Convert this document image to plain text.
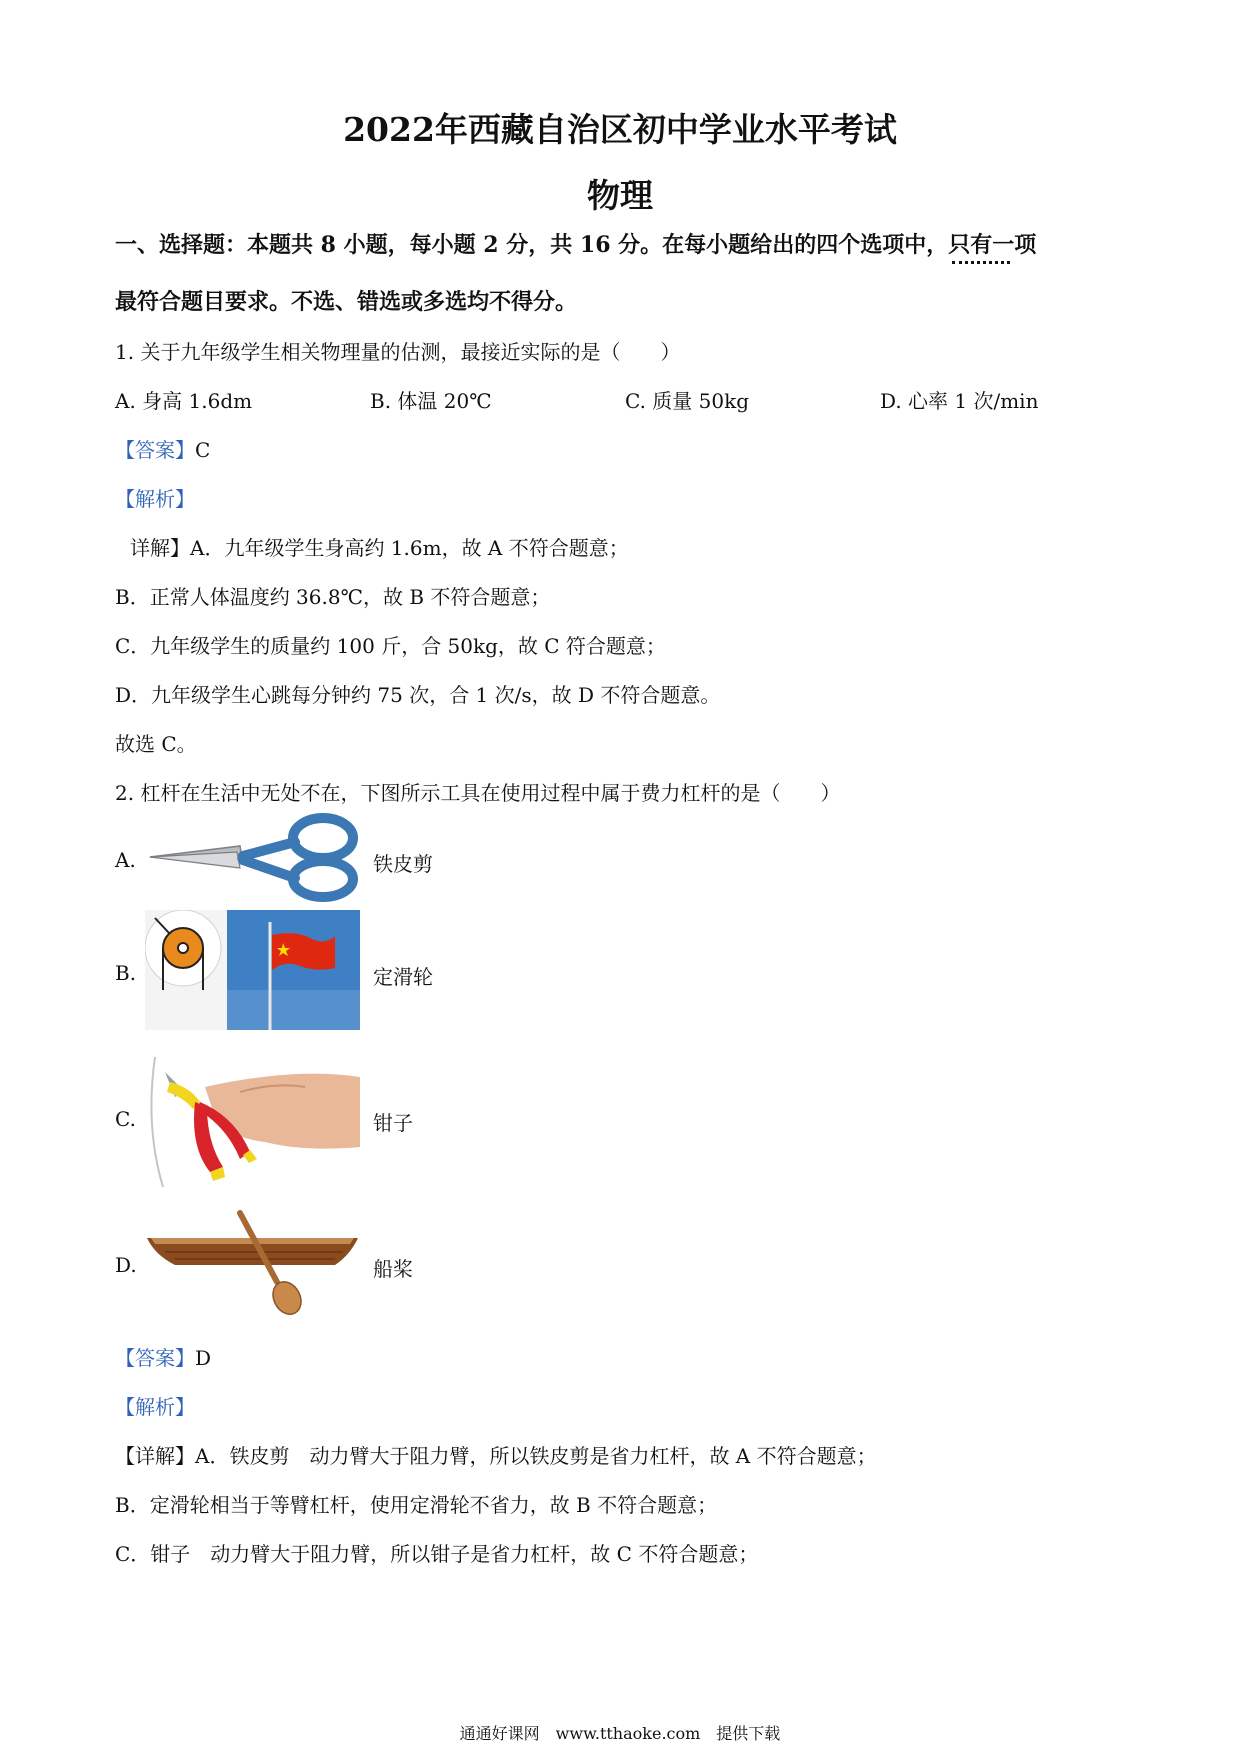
2022年西藏自治区初中学业水平考试
物理
一、选择题：本题共 8 小题，每小题 2 分，共 16 分。在每小题给出的四个选项中，只有一项
最符合题目要求。不选、错选或多选均不得分。
1. 关于九年级学生相关物理量的估测，最接近实际的是（　　）
A. 身高 1.6dm	B. 体温 20℃	C. 质量 50kg	D. 心率 1 次/min
【答案】C
【解析】
详解】A．九年级学生身高约 1.6m，故 A 不符合题意；
B．正常人体温度约 36.8℃，故 B 不符合题意；
C．九年级学生的质量约 100 斤，合 50kg，故 C 符合题意；
D．九年级学生心跳每分钟约 75 次，合 1 次/s，故 D 不符合题意。
故选 C。
2. 杠杆在生活中无处不在，下图所示工具在使用过程中属于费力杠杆的是（　　）
A.	铁皮剪
B.	定滑轮
C.	钳子
D.	船桨
【答案】D
【解析】
【详解】A．铁皮剪　动力臂大于阻力臂，所以铁皮剪是省力杠杆，故 A 不符合题意；
B．定滑轮相当于等臂杠杆，使用定滑轮不省力，故 B 不符合题意；
C．钳子　动力臂大于阻力臂，所以钳子是省力杠杆，故 C 不符合题意；
通通好课网　www.tthaoke.com　提供下载
